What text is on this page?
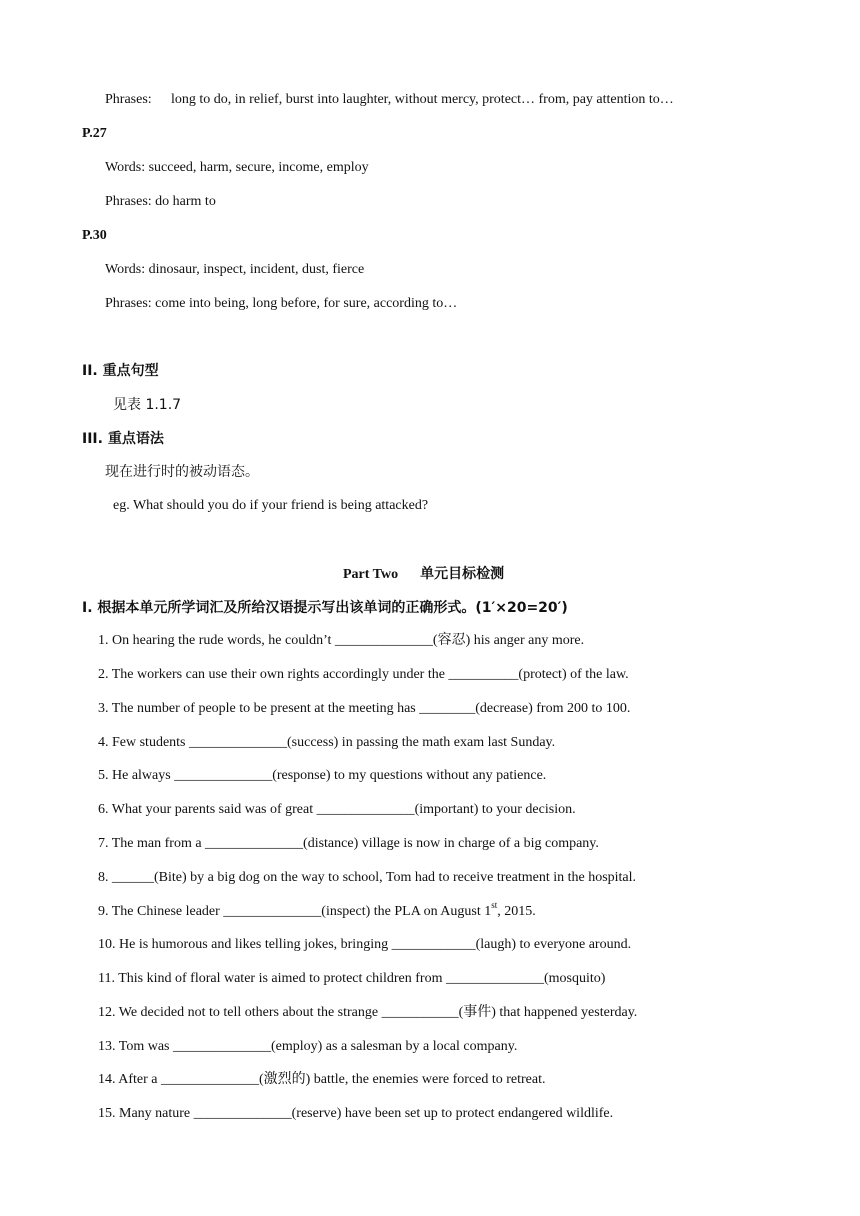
Phrases: long to do, in relief, burst into laughter, without mercy, protect… from, pay attention to…
P.27
Words: succeed, harm, secure, income, employ
Phrases: do harm to
P.30
Words: dinosaur, inspect, incident, dust, fierce
Phrases: come into being, long before, for sure, according to…
II. 重点句型
见表 1.1.7
III. 重点语法
现在进行时的被动语态。
eg. What should you do if your friend is being attacked?
Part Two 单元目标检测
I. 根据本单元所学词汇及所给汉语提示写出该单词的正确形式。(1′×20=20′)
1. On hearing the rude words, he couldn’t ______________(容忍) his anger any more.
2. The workers can use their own rights accordingly under the __________(protect) of the law.
3. The number of people to be present at the meeting has ________(decrease) from 200 to 100.
4. Few students ______________(success) in passing the math exam last Sunday.
5. He always ______________(response) to my questions without any patience.
6. What your parents said was of great ______________(important) to your decision.
7. The man from a ______________(distance) village is now in charge of a big company.
8. ______(Bite) by a big dog on the way to school, Tom had to receive treatment in the hospital.
9. The Chinese leader ______________(inspect) the PLA on August 1st, 2015.
10. He is humorous and likes telling jokes, bringing ____________(laugh) to everyone around.
11. This kind of floral water is aimed to protect children from ______________(mosquito)
12. We decided not to tell others about the strange ___________(事件) that happened yesterday.
13. Tom was ______________(employ) as a salesman by a local company.
14. After a ______________(激烈的) battle, the enemies were forced to retreat.
15. Many nature ______________(reserve) have been set up to protect endangered wildlife.
